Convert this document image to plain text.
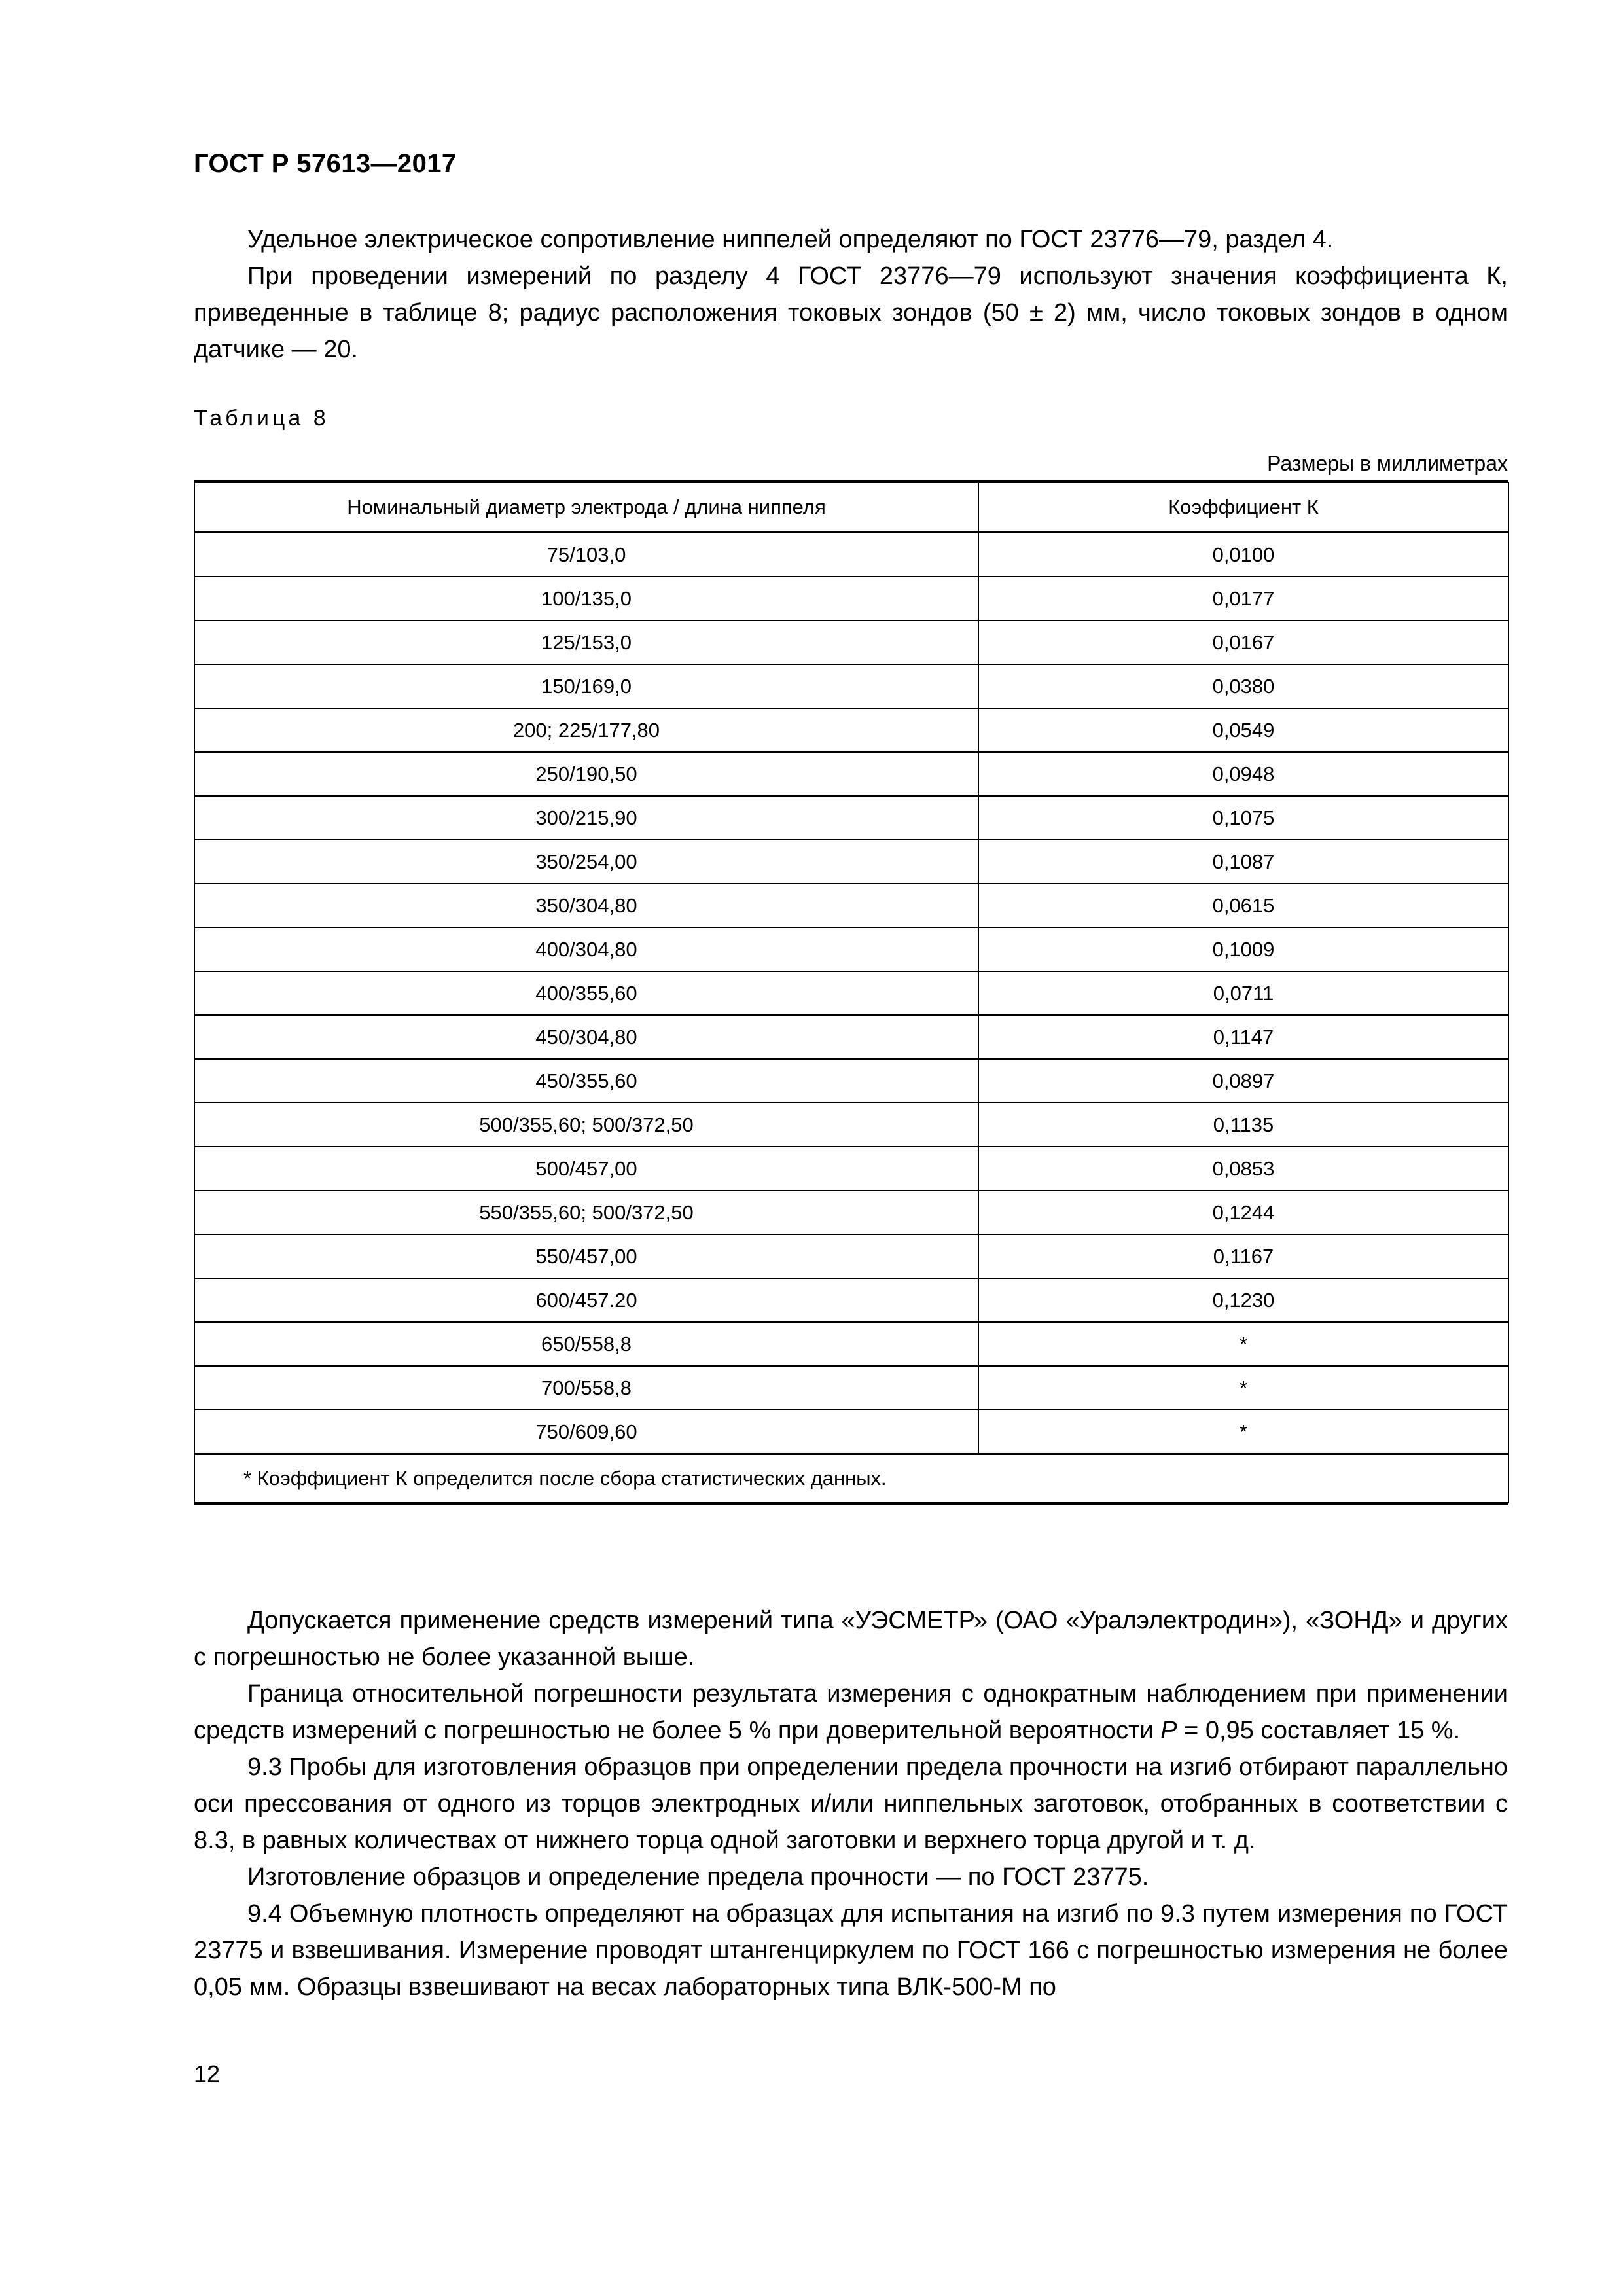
ГОСТ Р 57613—2017

Удельное электрическое сопротивление ниппелей определяют по ГОСТ 23776—79, раздел 4.

При проведении измерений по разделу 4 ГОСТ 23776—79 используют значения коэффициента К, приведенные в таблице 8; радиус расположения токовых зондов (50 ± 2) мм, число токовых зондов в одном датчике — 20.

Таблица 8
Размеры в миллиметрах
Номинальный диаметр электрода / длина ниппеля	Коэффициент К
75/103,0	0,0100
100/135,0	0,0177
125/153,0	0,0167
150/169,0	0,0380
200; 225/177,80	0,0549
250/190,50	0,0948
300/215,90	0,1075
350/254,00	0,1087
350/304,80	0,0615
400/304,80	0,1009
400/355,60	0,0711
450/304,80	0,1147
450/355,60	0,0897
500/355,60; 500/372,50	0,1135
500/457,00	0,0853
550/355,60; 500/372,50	0,1244
550/457,00	0,1167
600/457.20	0,1230
650/558,8	*
700/558,8	*
750/609,60	*
* Коэффициент К определится после сбора статистических данных.	

Допускается применение средств измерений типа «УЭСМЕТР» (ОАО «Уралэлектродин»), «ЗОНД» и других с погрешностью не более указанной выше.

Граница относительной погрешности результата измерения с однократным наблюдением при применении средств измерений с погрешностью не более 5 % при доверительной вероятности P = 0,95 составляет 15 %.

9.3 Пробы для изготовления образцов при определении предела прочности на изгиб отбирают параллельно оси прессования от одного из торцов электродных и/или ниппельных заготовок, отобранных в соответствии с 8.3, в равных количествах от нижнего торца одной заготовки и верхнего торца другой и т. д.

Изготовление образцов и определение предела прочности — по ГОСТ 23775.

9.4 Объемную плотность определяют на образцах для испытания на изгиб по 9.3 путем измерения по ГОСТ 23775 и взвешивания. Измерение проводят штангенциркулем по ГОСТ 166 с погрешностью измерения не более 0,05 мм. Образцы взвешивают на весах лабораторных типа ВЛК-500-М по

12
